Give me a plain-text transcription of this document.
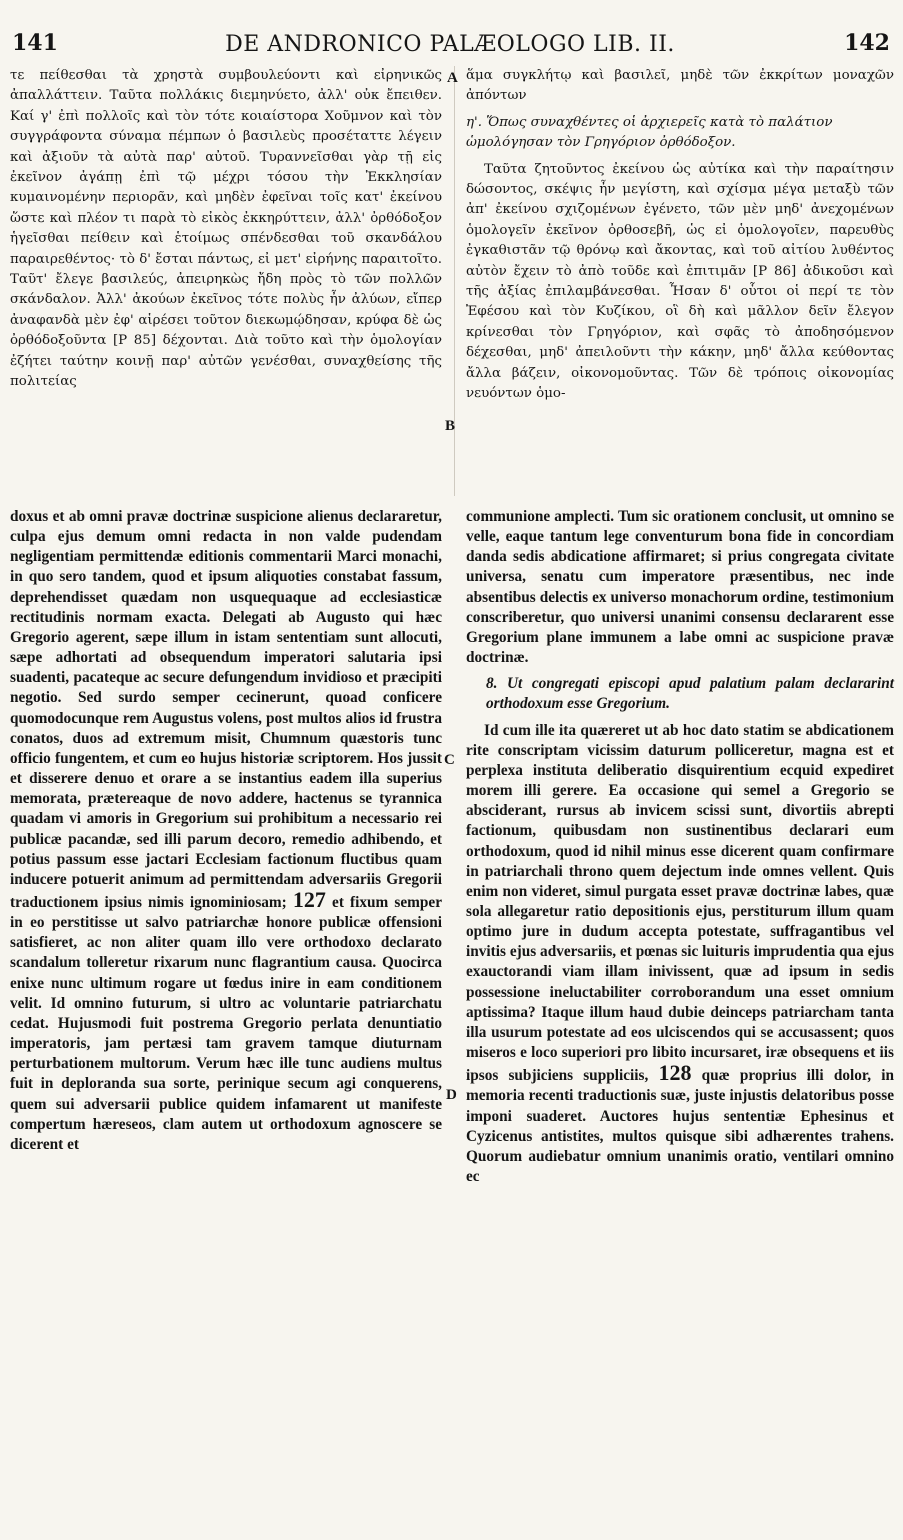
141	DE ANDRONICO PALÆOLOGO LIB. II.	142

τε πείθεσθαι τὰ χρηστὰ συμβουλεύοντι καὶ εἰρηνικῶς ἀπαλλάττειν. Ταῦτα πολλάκις διεμηνύετο, ἀλλ' οὐκ ἔπειθεν. Καί γ' ἐπὶ πολλοῖς καὶ τὸν τότε κοιαίστορα Χοῦμνον καὶ τὸν συγγράφοντα σύναμα πέμπων ὁ βασιλεὺς προσέταττε λέγειν καὶ ἀξιοῦν τὰ αὐτὰ παρ' αὐτοῦ. Τυραννεῖσθαι γὰρ τῇ εἰς ἐκεῖνον ἀγάπῃ ἐπὶ τῷ μέχρι τόσου τὴν Ἐκκλησίαν κυμαινομένην περιορᾶν, καὶ μηδὲν ἐφεῖναι τοῖς κατ' ἐκείνου ὥστε καὶ πλέον τι παρὰ τὸ εἰκὸς ἐκκηρύττειν, ἀλλ' ὀρθόδοξον ἡγεῖσθαι πείθειν καὶ ἑτοίμως σπένδεσθαι τοῦ σκανδάλου παραιρεθέντος· τὸ δ' ἔσται πάντως, εἰ μετ' εἰρήνης παραιτοῖτο. Ταῦτ' ἔλεγε βασιλεύς, ἀπειρηκὼς ἤδη πρὸς τὸ τῶν πολλῶν σκάνδαλον. Ἀλλ' ἀκούων ἐκεῖνος τότε πολὺς ἦν ἀλύων, εἴπερ ἀναφανδὰ μὲν ἐφ' αἱρέσει τοῦτον διεκωμῴδησαν, κρύφα δὲ ὡς ὀρθόδοξοῦντα [P 85] δέχονται. Διὰ τοῦτο καὶ τὴν ὁμολογίαν ἐζήτει ταύτην κοινῇ παρ' αὐτῶν γενέσθαι, συναχθείσης τῆς πολιτείας

ἅμα συγκλήτῳ καὶ βασιλεῖ, μηδὲ τῶν ἐκκρίτων μοναχῶν ἀπόντων

η'. Ὅπως συναχθέντες οἱ ἀρχιερεῖς κατὰ τὸ παλάτιον ὡμολόγησαν τὸν Γρηγόριον ὀρθόδοξον.

Ταῦτα ζητοῦντος ἐκείνου ὡς αὐτίκα καὶ τὴν παραίτησιν δώσοντος, σκέψις ἦν μεγίστη, καὶ σχίσμα μέγα μεταξὺ τῶν ἀπ' ἐκείνου σχιζομένων ἐγένετο, τῶν μὲν μηδ' ἀνεχομένων ὁμολογεῖν ἐκεῖνον ὀρθοσεβῆ, ὡς εἰ ὁμολογοῖεν, παρευθὺς ἐγκαθιστᾶν τῷ θρόνῳ καὶ ἄκοντας, καὶ τοῦ αἰτίου λυθέντος αὐτὸν ἔχειν τὸ ἀπὸ τοῦδε καὶ ἐπιτιμᾶν [P 86] ἀδικοῦσι καὶ τῆς ἀξίας ἐπιλαμβάνεσθαι. Ἦσαν δ' οὗτοι οἱ περί τε τὸν Ἐφέσου καὶ τὸν Κυζίκου, οἳ δὴ καὶ μᾶλλον δεῖν ἔλεγον κρίνεσθαι τὸν Γρηγόριον, καὶ σφᾶς τὸ ἀποδησόμενον δέχεσθαι, μηδ' ἀπειλοῦντι τὴν κάκην, μηδ' ἄλλα κεύθοντας ἄλλα βάζειν, οἰκονομοῦντας. Τῶν δὲ τρόποις οἰκονομίας νευόντων ὁμο-

doxus et ab omni pravæ doctrinæ suspicione alienus declararetur, culpa ejus demum omni redacta in non valde pudendam negligentiam permittendæ editionis commentarii Marci monachi, in quo sero tandem, quod et ipsum aliquoties constabat fassum, deprehendisset quædam non usquequaque ad ecclesiasticæ rectitudinis normam exacta. Delegati ab Augusto qui hæc Gregorio agerent, sæpe illum in istam sententiam sunt allocuti, sæpe adhortati ad obsequendum imperatori salutaria ipsi suadenti, pacateque ac secure defungendum invidioso et præcipiti negotio. Sed surdo semper cecinerunt, quoad conficere quomodocunque rem Augustus volens, post multos alios id frustra conatos, duos ad extremum misit, Chumnum quæstoris tunc officio fungentem, et cum eo hujus historiæ scriptorem. Hos jussit et disserere denuo et orare a se instantius eadem illa superius memorata, prætereaque de novo addere, hactenus se tyrannica quadam vi amoris in Gregorium sui prohibitum a necessario rei publicæ pacandæ, sed illi parum decoro, remedio adhibendo, et potius passum esse jactari Ecclesiam factionum fluctibus quam inducere potuerit animum ad permittendam adversariis Gregorii traductionem ipsius nimis ignominiosam; 127 et fixum semper in eo perstitisse ut salvo patriarchæ honore publicæ offensioni satisfieret, ac non aliter quam illo vere orthodoxo declarato scandalum tolleretur rixarum nunc flagrantium causa. Quocirca enixe nunc ultimum rogare ut fœdus inire in eam conditionem velit. Id omnino futurum, si ultro ac voluntarie patriarchatu cedat. Hujusmodi fuit postrema Gregorio perlata denuntiatio imperatoris, jam pertæsi tam gravem tamque diuturnam perturbationem multorum. Verum hæc ille tunc audiens multus fuit in deploranda sua sorte, perinique secum agi conquerens, quem sui adversarii publice quidem infamarent ut manifeste compertum hæreseos, clam autem ut orthodoxum agnoscere se dicerent et

communione amplecti. Tum sic orationem conclusit, ut omnino se velle, eaque tantum lege conventurum bona fide in concordiam danda sedis abdicatione affirmaret; si prius congregata civitate universa, senatu cum imperatore præsentibus, nec inde absentibus delectis ex universo monachorum ordine, testimonium conscriberetur, quo universi unanimi consensu declararent esse Gregorium plane immunem a labe omni ac suspicione pravæ doctrinæ.

8. Ut congregati episcopi apud palatium palam declararint orthodoxum esse Gregorium.

Id cum ille ita quæreret ut ab hoc dato statim se abdicationem rite conscriptam vicissim daturum polliceretur, magna est et perplexa instituta deliberatio disquirentium ecquid expediret morem illi gerere. Ea occasione qui semel a Gregorio se absciderant, rursus ab invicem scissi sunt, divortiis abrepti factionum, quibusdam non sustinentibus declarari eum orthodoxum, quod id nihil minus esse dicerent quam confirmare in patriarchali throno quem dejectum inde omnes vellent. Quis enim non videret, simul purgata esset pravæ doctrinæ labes, quæ sola allegaretur ratio depositionis ejus, perstiturum illum quam optimo jure in dudum accepta potestate, suffragantibus vel invitis ejus adversariis, et pœnas sic luituris imprudentia qua ejus exauctorandi viam illam inivissent, quæ ad ipsum in sedis possessione ineluctabiliter corroborandum una esset omnium aptissima? Itaque illum haud dubie deinceps patriarcham tanta illa usurum potestate ad eos ulciscendos qui se accusassent; quos miseros e loco superiori pro libito incursaret, iræ obsequens et iis ipsos subjiciens suppliciis, 128 quæ proprius illi dolor, in memoria recenti traductionis suæ, juste injustis delatoribus posse imponi suaderet. Auctores hujus sententiæ Ephesinus et Cyzicenus antistites, multos quisque sibi adhærentes trahens. Quorum audiebatur omnium unanimis oratio, ventilari omnino ec

A
B
C
D
